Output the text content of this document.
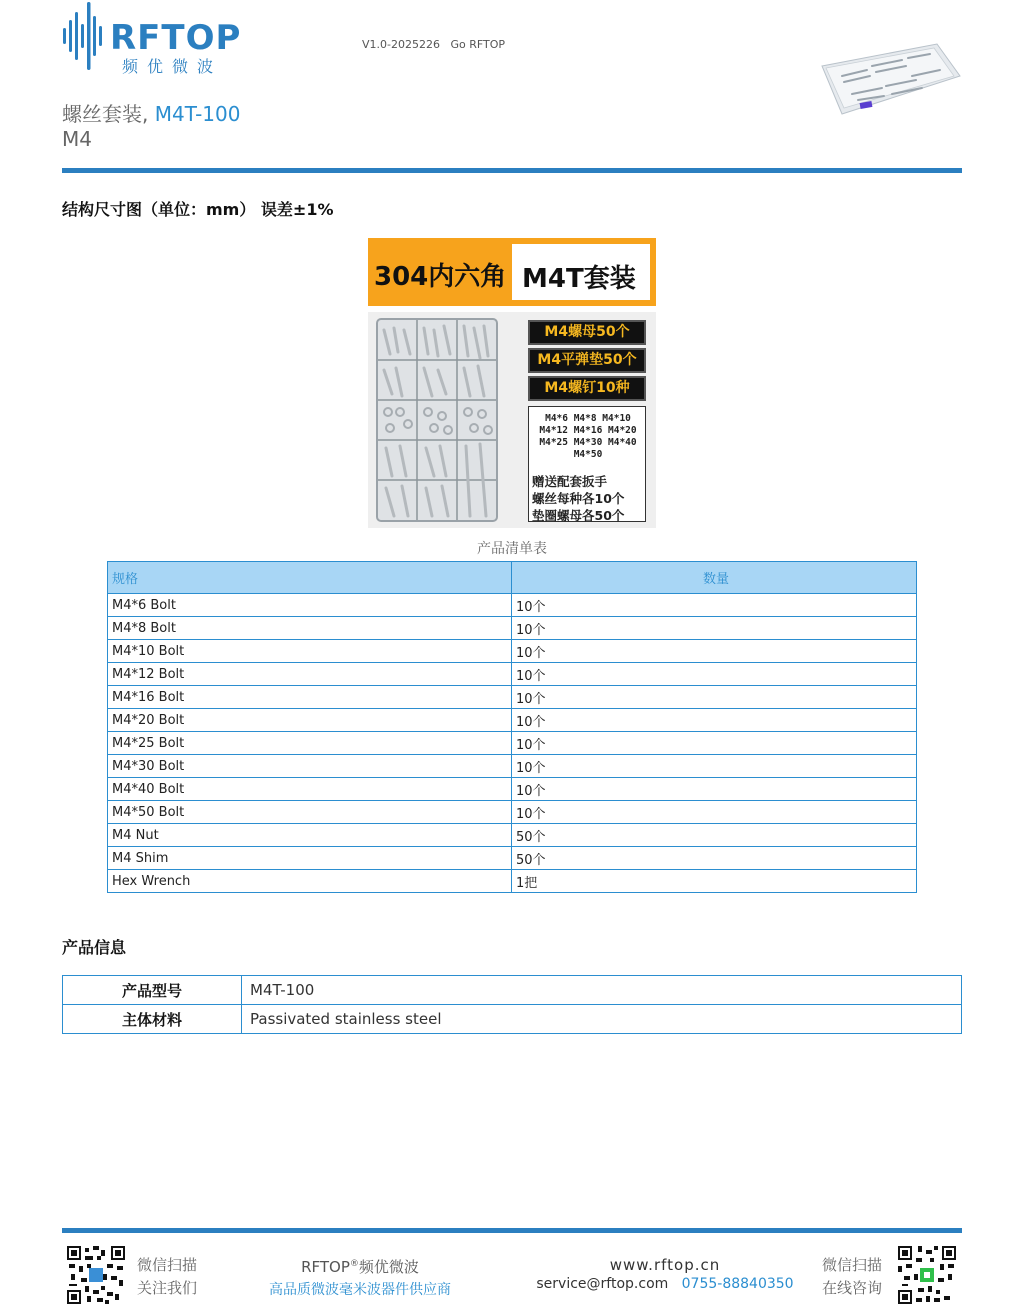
RFTOP
频优微波
V1.0-2025226 Go RFTOP
螺丝套装, M4T-100
M4
结构尺寸图（单位：mm） 误差±1%
304内六角 M4T套装
M4螺母50个
M4平弹垫50个
M4螺钉10种
M4*6 M4*8 M4*10
M4*12 M4*16 M4*20
M4*25 M4*30 M4*40
M4*50
赠送配套扳手
螺丝每种各10个
垫圈螺母各50个
产品清单表
规格	数量
M4*6 Bolt	10个
M4*8 Bolt	10个
M4*10 Bolt	10个
M4*12 Bolt	10个
M4*16 Bolt	10个
M4*20 Bolt	10个
M4*25 Bolt	10个
M4*30 Bolt	10个
M4*40 Bolt	10个
M4*50 Bolt	10个
M4 Nut	50个
M4 Shim	50个
Hex Wrench	1把
产品信息
产品型号	M4T-100
主体材料	Passivated stainless steel
微信扫描
关注我们
RFTOP®频优微波
高品质微波毫米波器件供应商
www.rftop.cn
service@rftop.com 0755-88840350
微信扫描
在线咨询
